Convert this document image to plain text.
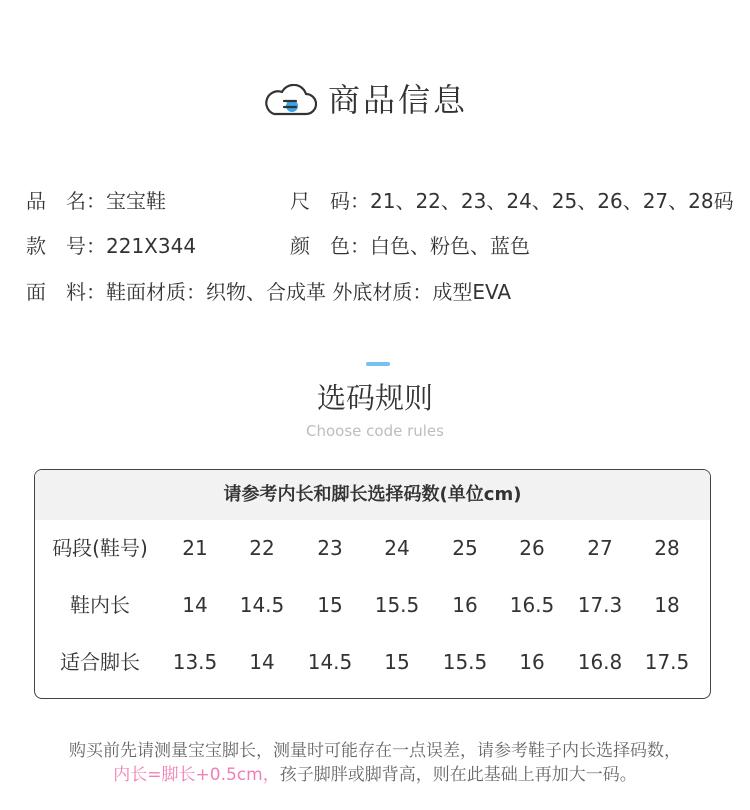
商品信息
品　名：宝宝鞋	尺　码：21、22、23、24、25、26、27、28码
款　号：221X344	颜　色：白色、粉色、蓝色
面　料：鞋面材质：织物、合成革 外底材质：成型EVA
选码规则
Choose code rules
请参考内长和脚长选择码数(单位cm)
码段(鞋号)	21	22	23	24	25	26	27	28
鞋内长	14	14.5	15	15.5	16	16.5	17.3	18
适合脚长	13.5	14	14.5	15	15.5	16	16.8	17.5
购买前先请测量宝宝脚长，测量时可能存在一点误差，请参考鞋子内长选择码数，
内长=脚长+0.5cm，孩子脚胖或脚背高，则在此基础上再加大一码。
